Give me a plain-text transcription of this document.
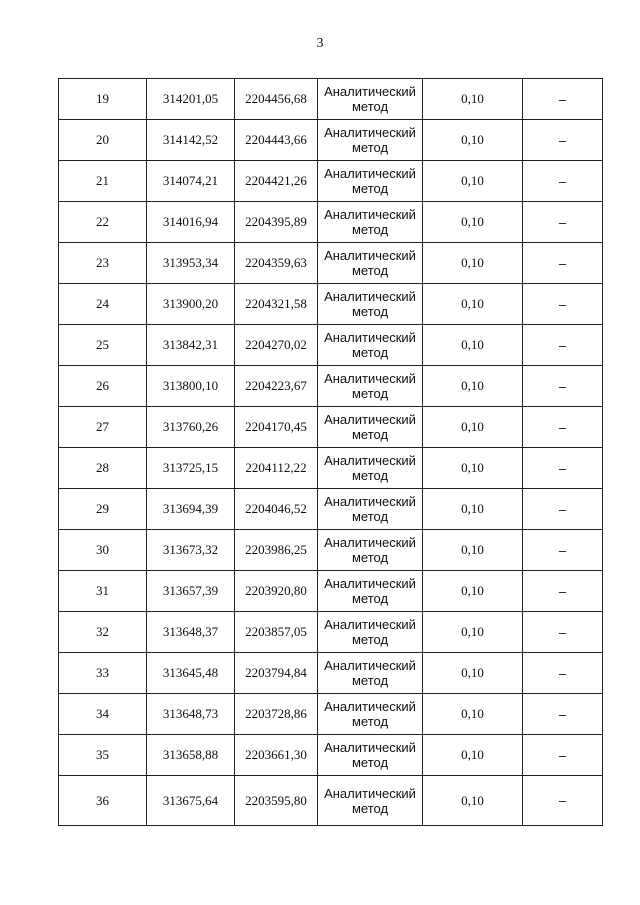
3
19	314201,05	2204456,68	Аналитический
метод	0,10	–
20	314142,52	2204443,66	Аналитический
метод	0,10	–
21	314074,21	2204421,26	Аналитический
метод	0,10	–
22	314016,94	2204395,89	Аналитический
метод	0,10	–
23	313953,34	2204359,63	Аналитический
метод	0,10	–
24	313900,20	2204321,58	Аналитический
метод	0,10	–
25	313842,31	2204270,02	Аналитический
метод	0,10	–
26	313800,10	2204223,67	Аналитический
метод	0,10	–
27	313760,26	2204170,45	Аналитический
метод	0,10	–
28	313725,15	2204112,22	Аналитический
метод	0,10	–
29	313694,39	2204046,52	Аналитический
метод	0,10	–
30	313673,32	2203986,25	Аналитический
метод	0,10	–
31	313657,39	2203920,80	Аналитический
метод	0,10	–
32	313648,37	2203857,05	Аналитический
метод	0,10	–
33	313645,48	2203794,84	Аналитический
метод	0,10	–
34	313648,73	2203728,86	Аналитический
метод	0,10	–
35	313658,88	2203661,30	Аналитический
метод	0,10	–
36	313675,64	2203595,80	Аналитический
метод	0,10	–
